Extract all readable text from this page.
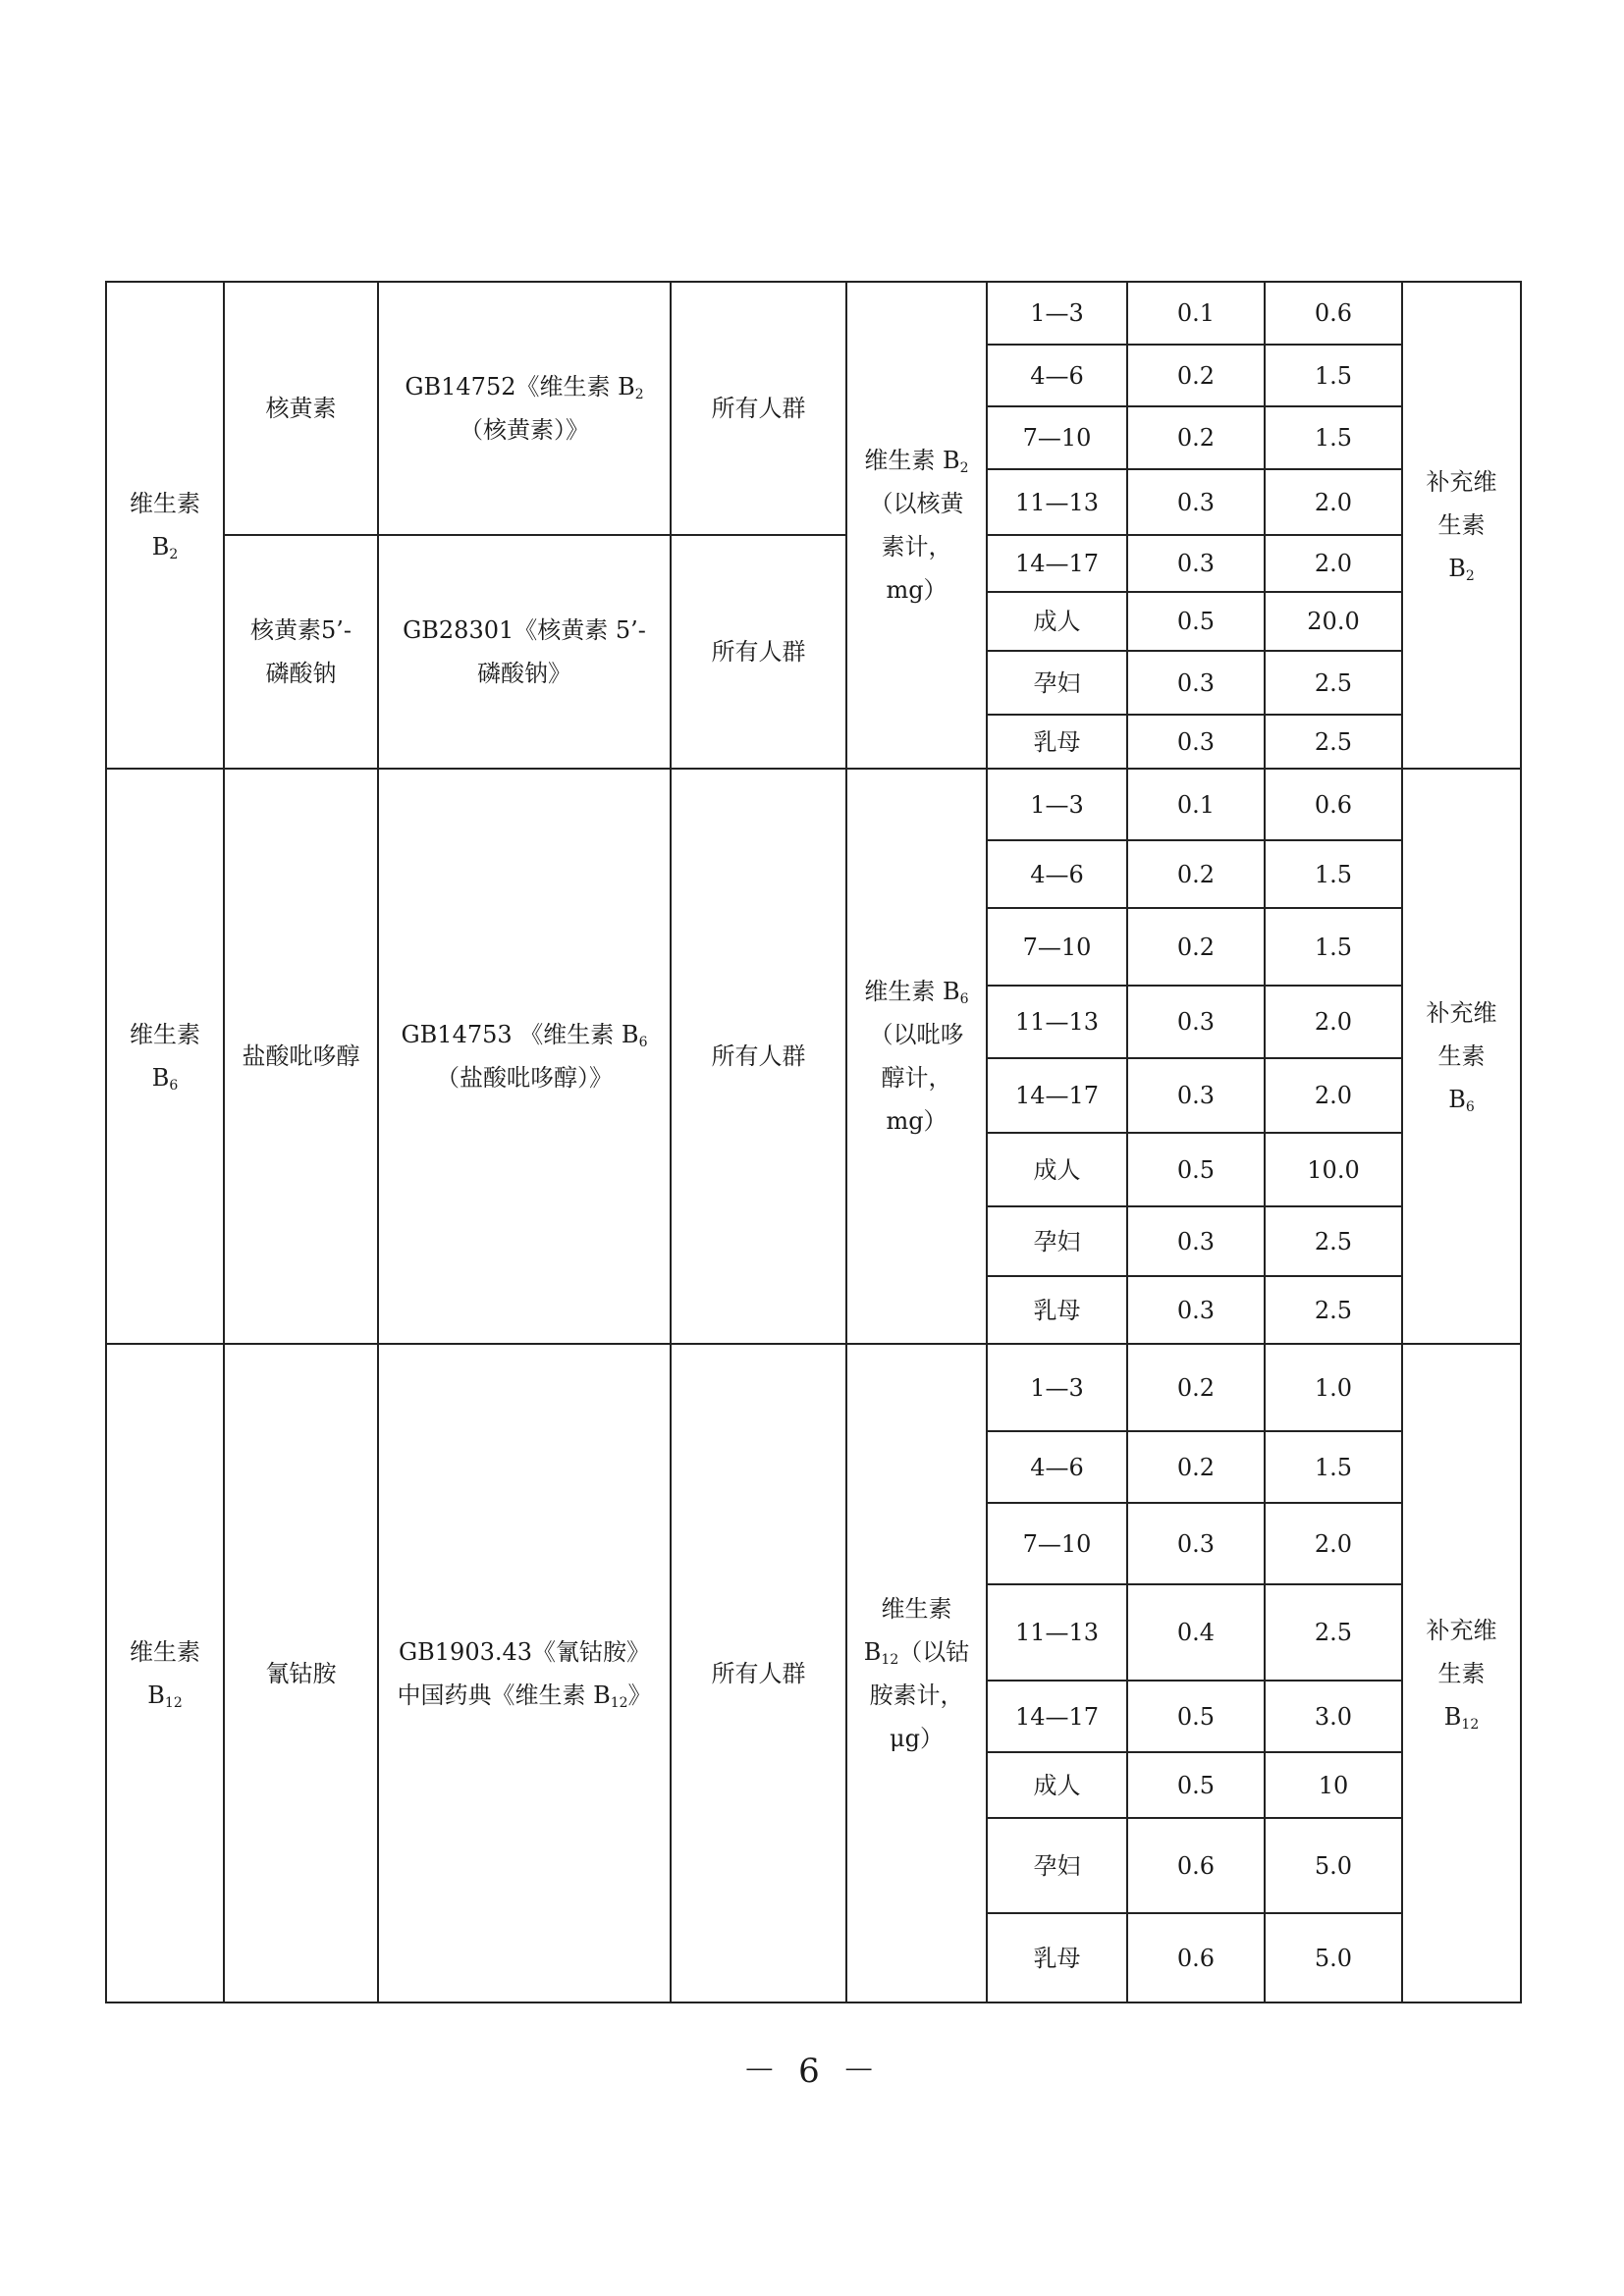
维生素
$B_2$	核黄素	GB14752《维生素 $B_2$（核黄素）》	所有人群	维生素 $B_2$（以核黄素计，mg）	1—3	0.1	0.6	补充维生素 $B_2$
					4—6	0.2	1.5	
					7—10	0.2	1.5	
					11—13	0.3	2.0	
	核黄素5’-磷酸钠	GB28301《核黄素 5’-磷酸钠》	所有人群		14—17	0.3	2.0	
					成人	0.5	20.0	
					孕妇	0.3	2.5	
					乳母	0.3	2.5	
维生素
$B_6$	盐酸吡哆醇	GB14753 《维生素 $B_6$（盐酸吡哆醇）》	所有人群	维生素 $B_6$（以吡哆醇计，mg）	1—3	0.1	0.6	补充维生素 $B_6$
					4—6	0.2	1.5	
					7—10	0.2	1.5	
					11—13	0.3	2.0	
					14—17	0.3	2.0	
					成人	0.5	10.0	
					孕妇	0.3	2.5	
					乳母	0.3	2.5	
维生素
$B_{12}$	氰钴胺	GB1903.43《氰钴胺》中国药典《维生素 $B_{12}$》	所有人群	维生素 $B_{12}$（以钴胺素计，μg）	1—3	0.2	1.0	补充维生素 $B_{12}$
					4—6	0.2	1.5	
					7—10	0.3	2.0	
					11—13	0.4	2.5	
					14—17	0.5	3.0	
					成人	0.5	10	
					孕妇	0.6	5.0	
					乳母	0.6	5.0	
－ 6 －
